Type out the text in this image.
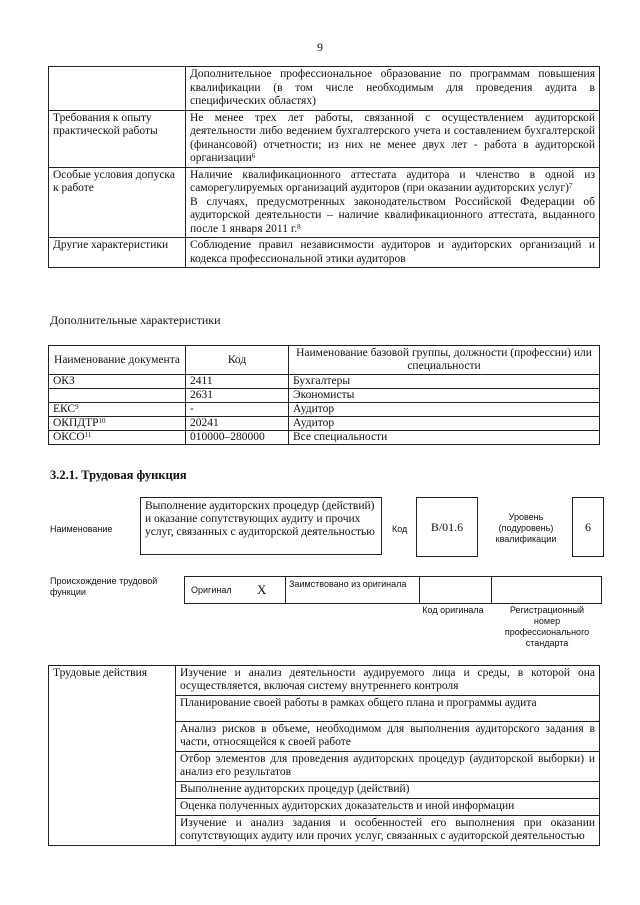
9
	Дополнительное профессиональное образование по программам повышения квалификации (в том числе необходимым для проведения аудита в специфических областях)
Требования к опыту практической работы	Не менее трех лет работы, связанной с осуществлением аудиторской деятельности либо ведением бухгалтерского учета и составлением бухгалтерской (финансовой) отчетности; из них не менее двух лет - работа в аудиторской организации$^6$
Особые условия допуска к работе	Наличие квалификационного аттестата аудитора и членство в одной из саморегулируемых организаций аудиторов (при оказании аудиторских услуг)$^7$
В случаях, предусмотренных законодательством Российской Федерации об аудиторской деятельности – наличие квалификационного аттестата, выданного после 1 января 2011 г.$^8$

Другие характеристики	Соблюдение правил независимости аудиторов и аудиторских организаций и кодекса профессиональной этики аудиторов
Дополнительные характеристики
Наименование документа	Код	Наименование базовой группы, должности (профессии) или специальности
ОКЗ	2411	Бухгалтеры
	2631	Экономисты
ЕКС$^9$	-	Аудитор
ОКПДТР$^{10}$	20241	Аудитор
ОКСО$^{11}$	010000–280000	Все специальности
3.2.1. Трудовая функция
Наименование
Выполнение аудиторских процедур (действий) и оказание сопутствующих аудиту и прочих услуг, связанных с аудиторской деятельностью	Код	B/01.6
Уровень (подуровень) квалификации
6
Происхождение трудовой функции	Оригинал X	Заимствовано из оригинала
Код оригинала	Регистрационный номер профессионального стандарта
Трудовые действия	Изучение и анализ деятельности аудируемого лица и среды, в которой она осуществляется, включая систему внутреннего контроля
Планирование своей работы в рамках общего плана и программы аудита
Анализ рисков в объеме, необходимом для выполнения аудиторского задания в части, относящейся к своей работе
Отбор элементов для проведения аудиторских процедур (аудиторской выборки) и анализ его результатов
Выполнение аудиторских процедур (действий)
Оценка полученных аудиторских доказательств и иной информации
Изучение и анализ задания и особенностей его выполнения при оказании сопутствующих аудиту или прочих услуг, связанных с аудиторской деятельностью
